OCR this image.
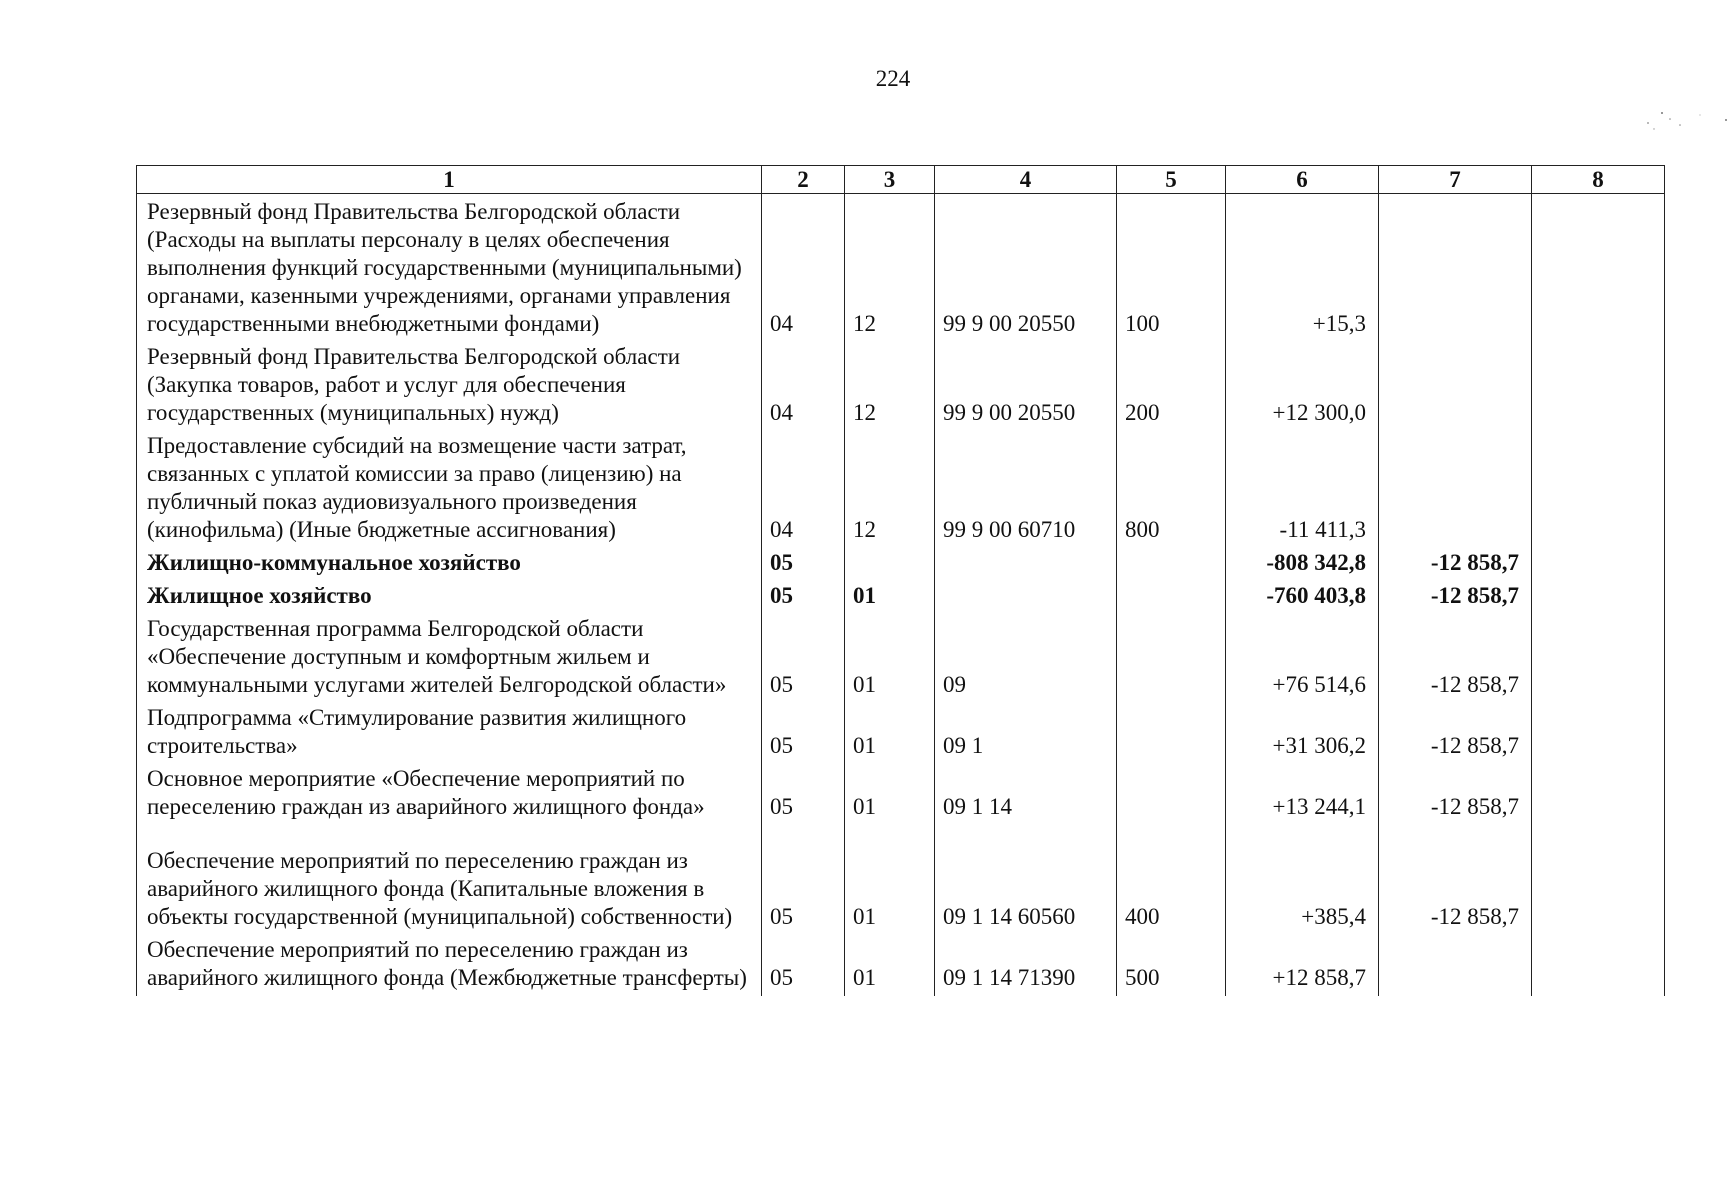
224
1	2	3	4	5	6	7	8
Резервный фонд Правительства Белгородской области (Расходы на выплаты персоналу в целях обеспечения выполнения функций государственными (муниципальными) органами, казенными учреждениями, органами управления государственными внебюджетными фондами)	04	12	99 9 00 20550	100	+15,3		
Резервный фонд Правительства Белгородской области (Закупка товаров, работ и услуг для обеспечения государственных (муниципальных) нужд)	04	12	99 9 00 20550	200	+12 300,0		
Предоставление субсидий на возмещение части затрат, связанных с уплатой комиссии за право (лицензию) на публичный показ аудиовизуального произведения (кинофильма) (Иные бюджетные ассигнования)	04	12	99 9 00 60710	800	-11 411,3		
Жилищно-коммунальное хозяйство	05				-808 342,8	-12 858,7	
Жилищное хозяйство	05	01			-760 403,8	-12 858,7	
Государственная программа Белгородской области «Обеспечение доступным и комфортным жильем и коммунальными услугами жителей Белгородской области»	05	01	09		+76 514,6	-12 858,7	
Подпрограмма «Стимулирование развития жилищного строительства»	05	01	09 1		+31 306,2	-12 858,7	
Основное мероприятие «Обеспечение мероприятий по переселению граждан из аварийного жилищного фонда»	05	01	09 1 14		+13 244,1	-12 858,7	
Обеспечение мероприятий по переселению граждан из аварийного жилищного фонда (Капитальные вложения в объекты государственной (муниципальной) собственности)	05	01	09 1 14 60560	400	+385,4	-12 858,7	
Обеспечение мероприятий по переселению граждан из аварийного жилищного фонда (Межбюджетные трансферты)	05	01	09 1 14 71390	500	+12 858,7		
